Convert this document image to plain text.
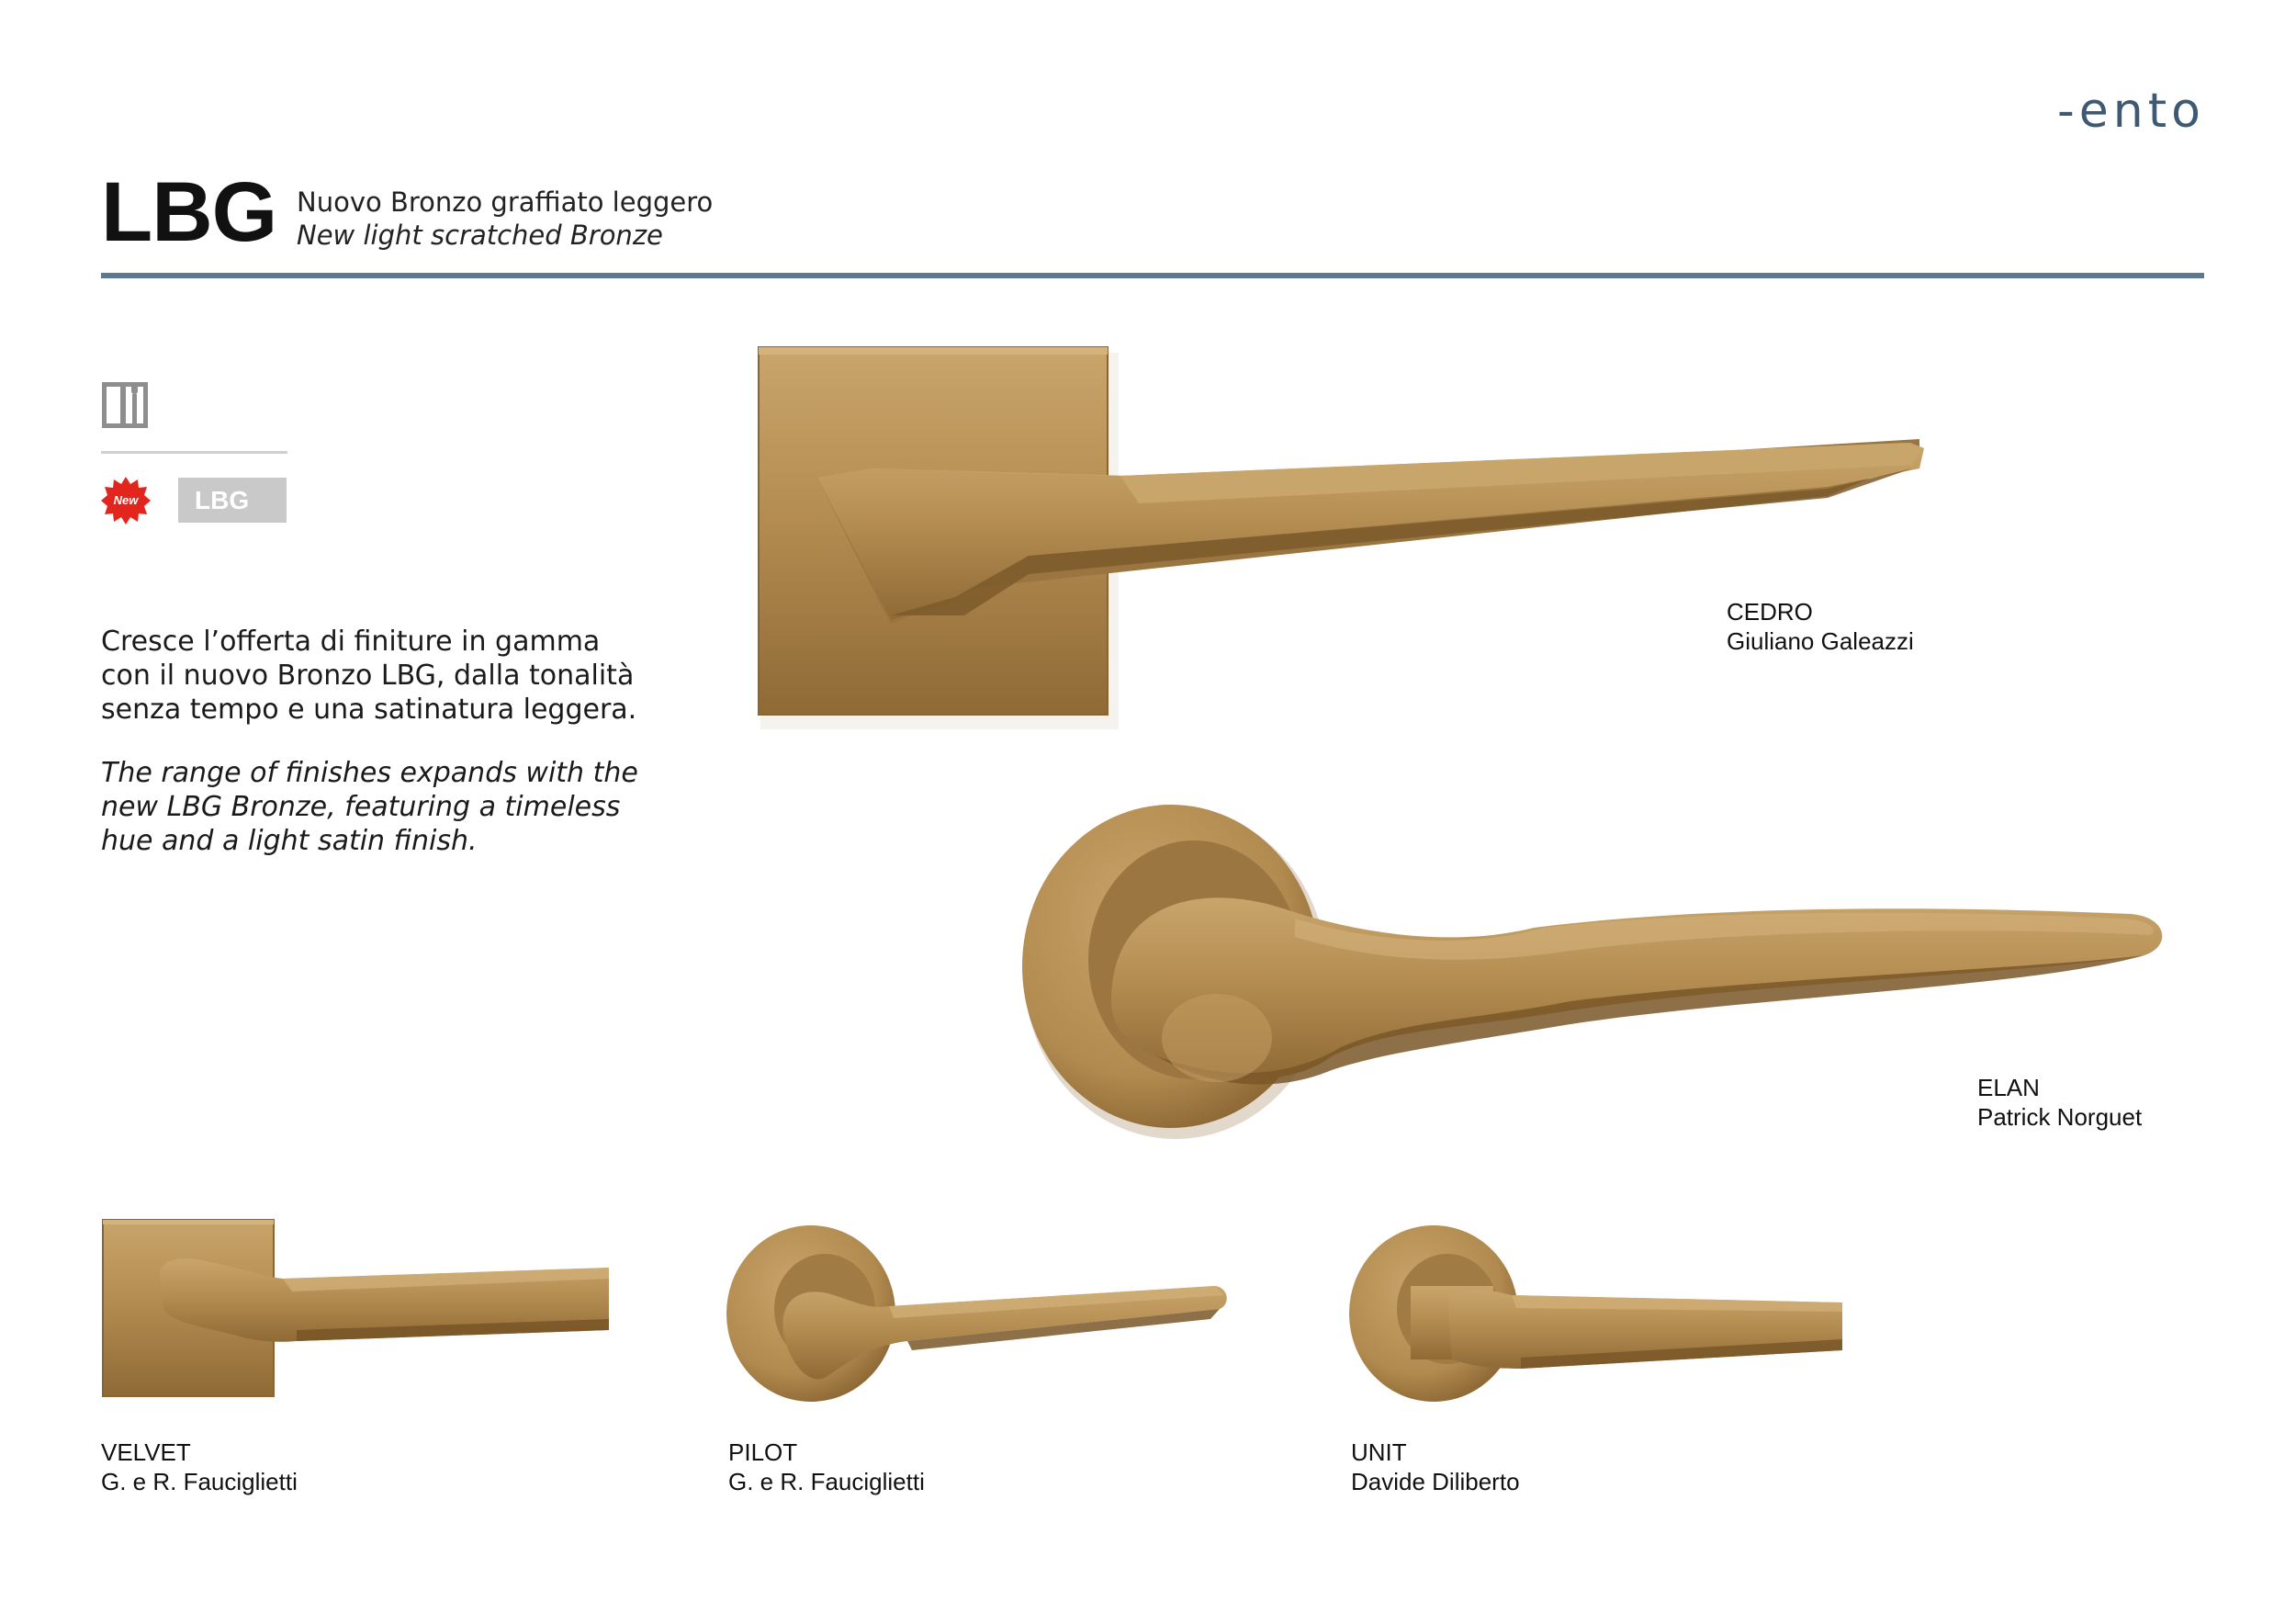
-ento
LBG Nuovo Bronzo graffiato leggero
New light scratched Bronze
New	LBG
Cresce l’offerta di finiture in gamma con il nuovo Bronzo LBG, dalla tonalità senza tempo e una satinatura leggera.
The range of finishes expands with the new LBG Bronze, featuring a timeless hue and a light satin finish.
CEDRO
Giuliano Galeazzi
ELAN
Patrick Norguet
VELVET
G. e R. Fauciglietti
PILOT
G. e R. Fauciglietti
UNIT
Davide Diliberto
